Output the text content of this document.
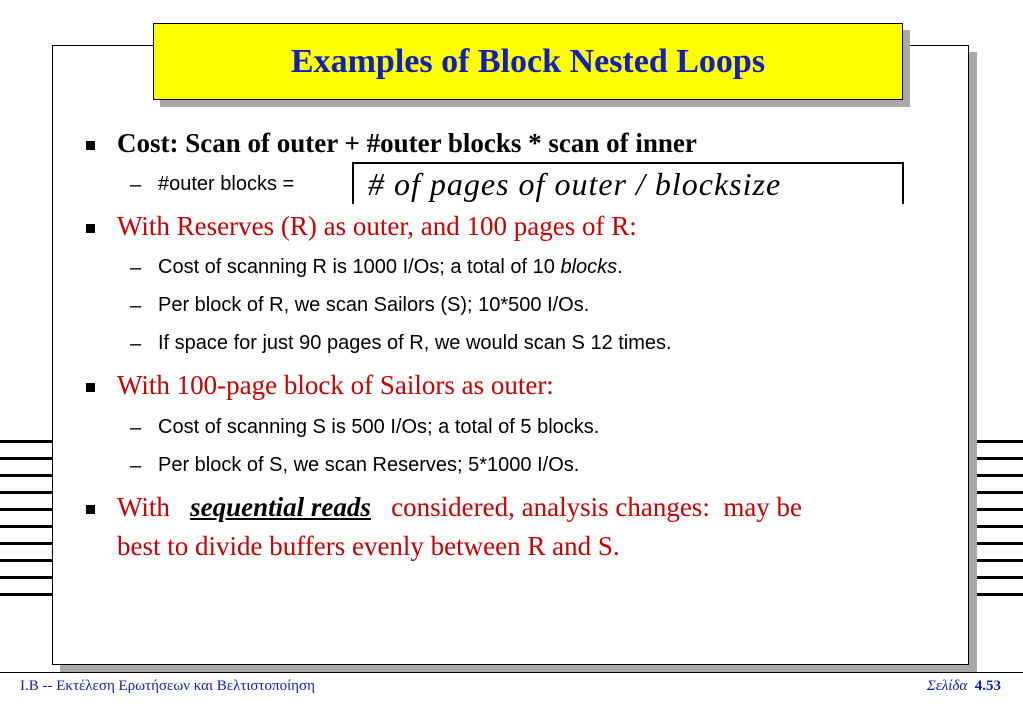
Examples of Block Nested Loops
Cost: Scan of outer + #outer blocks * scan of inner
– #outer blocks = # of pages of outer / blocksize
With Reserves (R) as outer, and 100 pages of R:
– Cost of scanning R is 1000 I/Os; a total of 10 blocks.
– Per block of R, we scan Sailors (S); 10*500 I/Os.
– If space for just 90 pages of R, we would scan S 12 times.
With 100-page block of Sailors as outer:
– Cost of scanning S is 500 I/Os; a total of 5 blocks.
– Per block of S, we scan Reserves; 5*1000 I/Os.
With   sequential reads   considered, analysis changes:  may be
best to divide buffers evenly between R and S.
I.B -- Εκτέλεση Ερωτήσεων και Βελτιστοποίηση	Σελίδα 4.53
